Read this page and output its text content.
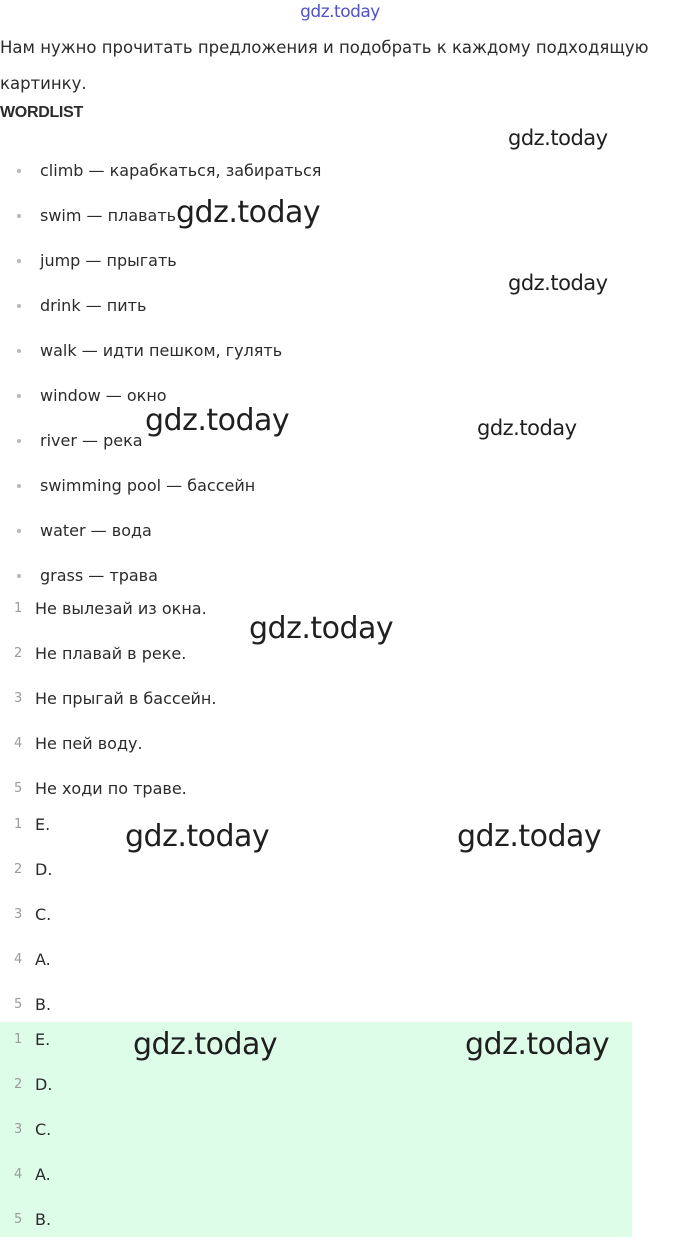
gdz.today
Нам нужно прочитать предложения и подобрать к каждому подходящую картинку.
WORDLIST
climb — карабкаться, забираться
swim — плавать
jump — прыгать
drink — пить
walk — идти пешком, гулять
window — окно
river — река
swimming pool — бассейн
water — вода
grass — трава
1 Не вылезай из окна.
2 Не плавай в реке.
3 Не прыгай в бассейн.
4 Не пей воду.
5 Не ходи по траве.
1 E.
2 D.
3 C.
4 A.
5 B.
1 E.
2 D.
3 C.
4 A.
5 B.
gdz.today
gdz.today
gdz.today
gdz.today	gdz.today
gdz.today
gdz.today	gdz.today
gdz.today	gdz.today
